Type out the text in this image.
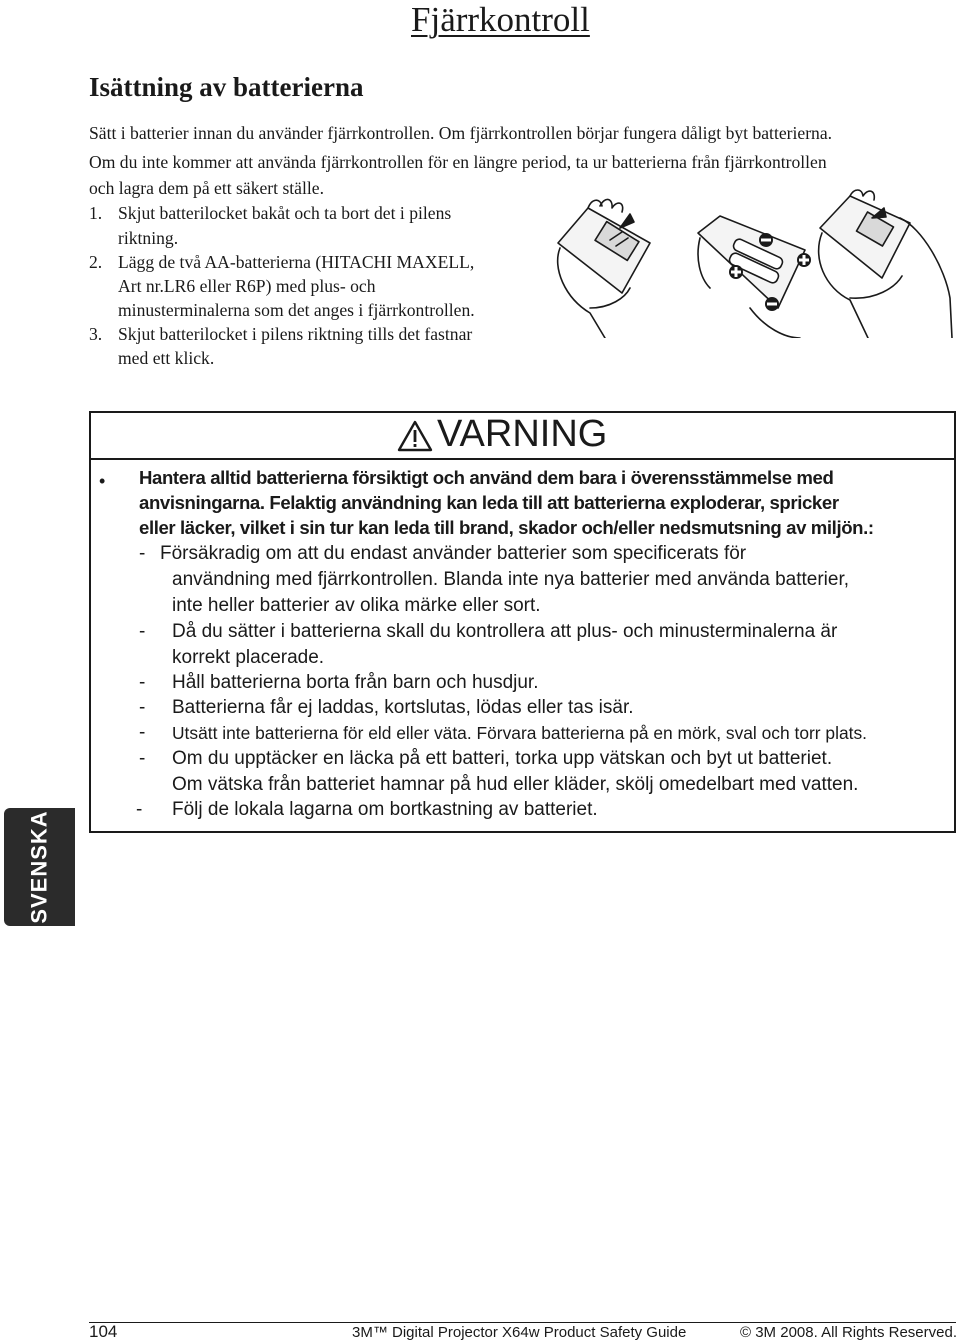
Fjärrkontroll
Isättning av batterierna
Sätt i batterier innan du använder fjärrkontrollen. Om fjärrkontrollen börjar fungera dåligt byt batterierna.
Om du inte kommer att använda fjärrkontrollen för en längre period, ta ur batterierna från fjärrkontrollen
och lagra dem på ett säkert ställe.
1. Skjut batterilocket bakåt och ta bort det i pilens
riktning.
2. Lägg de två AA-batterierna (HITACHI MAXELL,
Art nr.LR6 eller R6P) med plus- och
minusterminalerna som det anges i fjärrkontrollen.
3. Skjut batterilocket i pilens riktning tills det fastnar
med ett klick.
VARNING
• Hantera alltid batterierna försiktigt och använd dem bara i överensstämmelse med
anvisningarna. Felaktig användning kan leda till att batterierna exploderar, spricker
eller läcker, vilket i sin tur kan leda till brand, skador och/eller nedsmutsning av miljön.:
- Försäkradig om att du endast använder batterier som specificerats för
användning med fjärrkontrollen. Blanda inte nya batterier med använda batterier,
inte heller batterier av olika märke eller sort.
- Då du sätter i batterierna skall du kontrollera att plus- och minusterminalerna är
korrekt placerade.
- Håll batterierna borta från barn och husdjur.
- Batterierna får ej laddas, kortslutas, lödas eller tas isär.
- Utsätt inte batterierna för eld eller väta. Förvara batterierna på en mörk, sval och torr plats.
- Om du upptäcker en läcka på ett batteri, torka upp vätskan och byt ut batteriet.
Om vätska från batteriet hamnar på hud eller kläder, skölj omedelbart med vatten.
- Följ de lokala lagarna om bortkastning av batteriet.
SVENSKA
104	3M™ Digital Projector X64w Product Safety Guide	© 3M 2008. All Rights Reserved.
